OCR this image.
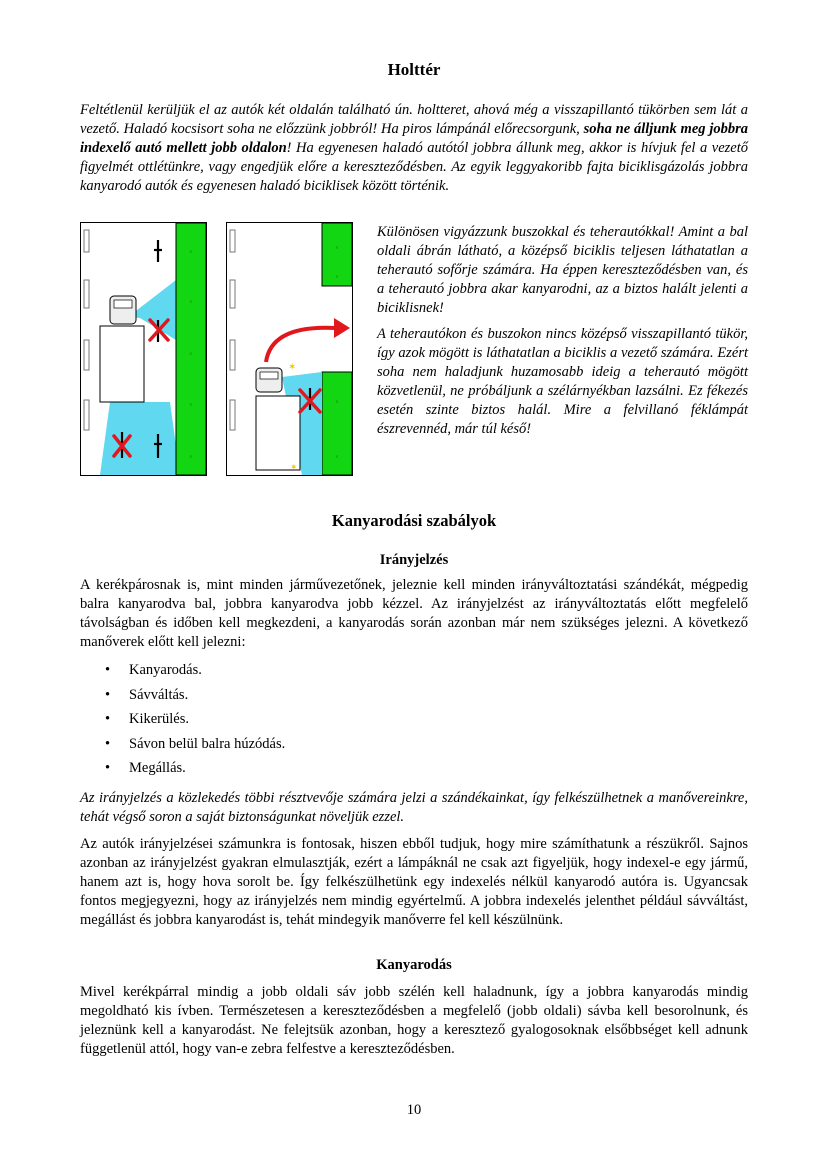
Holttér

Feltétlenül kerüljük el az autók két oldalán található ún. holtteret, ahová még a visszapillantó tükörben sem lát a vezető. Haladó kocsisort soha ne előzzünk jobbról! Ha piros lámpánál előrecsorgunk, soha ne álljunk meg jobbra indexelő autó mellett jobb oldalon! Ha egyenesen haladó autótól jobbra állunk meg, akkor is hívjuk fel a vezető figyelmét ottlétünkre, vagy engedjük előre a kereszteződésben. Az egyik leggyakoribb fajta biciklisgázolás jobbra kanyarodó autók és egyenesen haladó biciklisek között történik.

ᵥ
ᵥ
ᵥ
ᵥ
ᵥ
ᵥ
ᵥ
ᵥ
ᵥ
✶
✶

Különösen vigyázzunk buszokkal és teherautókkal! Amint a bal oldali ábrán látható, a középső biciklis teljesen láthatatlan a teherautó sofőrje számára. Ha éppen kereszteződésben van, és a teherautó jobbra akar kanyarodni, az a biztos halált jelenti a biciklisnek!

A teherautókon és buszokon nincs középső visszapillantó tükör, így azok mögött is láthatatlan a biciklis a vezető számára. Ezért soha nem haladjunk huzamosabb ideig a teherautó mögött közvetlenül, ne próbáljunk a szélárnyékban lazsálni. Ez fékezés esetén szinte biztos halál. Mire a felvillanó féklámpát észrevennéd, már túl késő!

Kanyarodási szabályok
Irányjelzés

A kerékpárosnak is, mint minden járművezetőnek, jeleznie kell minden irányváltoztatási szándékát, mégpedig balra kanyarodva bal, jobbra kanyarodva jobb kézzel. Az irányjelzést az irányváltoztatás előtt megfelelő távolságban és időben kell megkezdeni, a kanyarodás során azonban már nem szükséges jelezni. A következő manőverek előtt kell jelezni:

• Kanyarodás.
• Sávváltás.
• Kikerülés.
• Sávon belül balra húzódás.
• Megállás.

Az irányjelzés a közlekedés többi résztvevője számára jelzi a szándékainkat, így felkészülhetnek a manővereinkre, tehát végső soron a saját biztonságunkat növeljük ezzel.

Az autók irányjelzései számunkra is fontosak, hiszen ebből tudjuk, hogy mire számíthatunk a részükről. Sajnos azonban az irányjelzést gyakran elmulasztják, ezért a lámpáknál ne csak azt figyeljük, hogy indexel-e egy jármű, hanem azt is, hogy hova sorolt be. Így felkészülhetünk egy indexelés nélkül kanyarodó autóra is. Ugyancsak fontos megjegyezni, hogy az irányjelzés nem mindig egyértelmű. A jobbra indexelés jelenthet például sávváltást, megállást és jobbra kanyarodást is, tehát mindegyik manőverre fel kell készülnünk.

Kanyarodás

Mivel kerékpárral mindig a jobb oldali sáv jobb szélén kell haladnunk, így a jobbra kanyarodás mindig megoldható kis ívben. Természetesen a kereszteződésben a megfelelő (jobb oldali) sávba kell besorolnunk, és jeleznünk kell a kanyarodást. Ne felejtsük azonban, hogy a keresztező gyalogosoknak elsőbbséget kell adnunk függetlenül attól, hogy van-e zebra felfestve a kereszteződésben.

10
